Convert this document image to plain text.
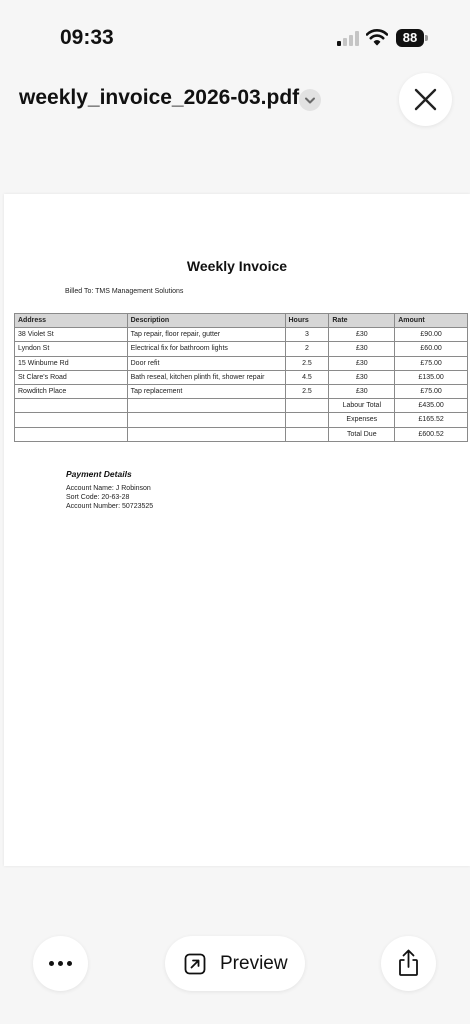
09:33	88
weekly_invoice_2026-03.pdf
Weekly Invoice
Billed To: TMS Management Solutions
Address	Description	Hours	Rate	Amount
38 Violet St	Tap repair, floor repair, gutter	3	£30	£90.00
Lyndon St	Electrical fix for bathroom lights	2	£30	£60.00
15 Winburne Rd	Door refit	2.5	£30	£75.00
St Clare's Road	Bath reseal, kitchen plinth fit, shower repair	4.5	£30	£135.00
Rowditch Place	Tap replacement	2.5	£30	£75.00
			Labour Total	£435.00
			Expenses	£165.52
			Total Due	£600.52
Payment Details
Account Name: J Robinson
Sort Code: 20-63-28
Account Number: 50723525
Preview
